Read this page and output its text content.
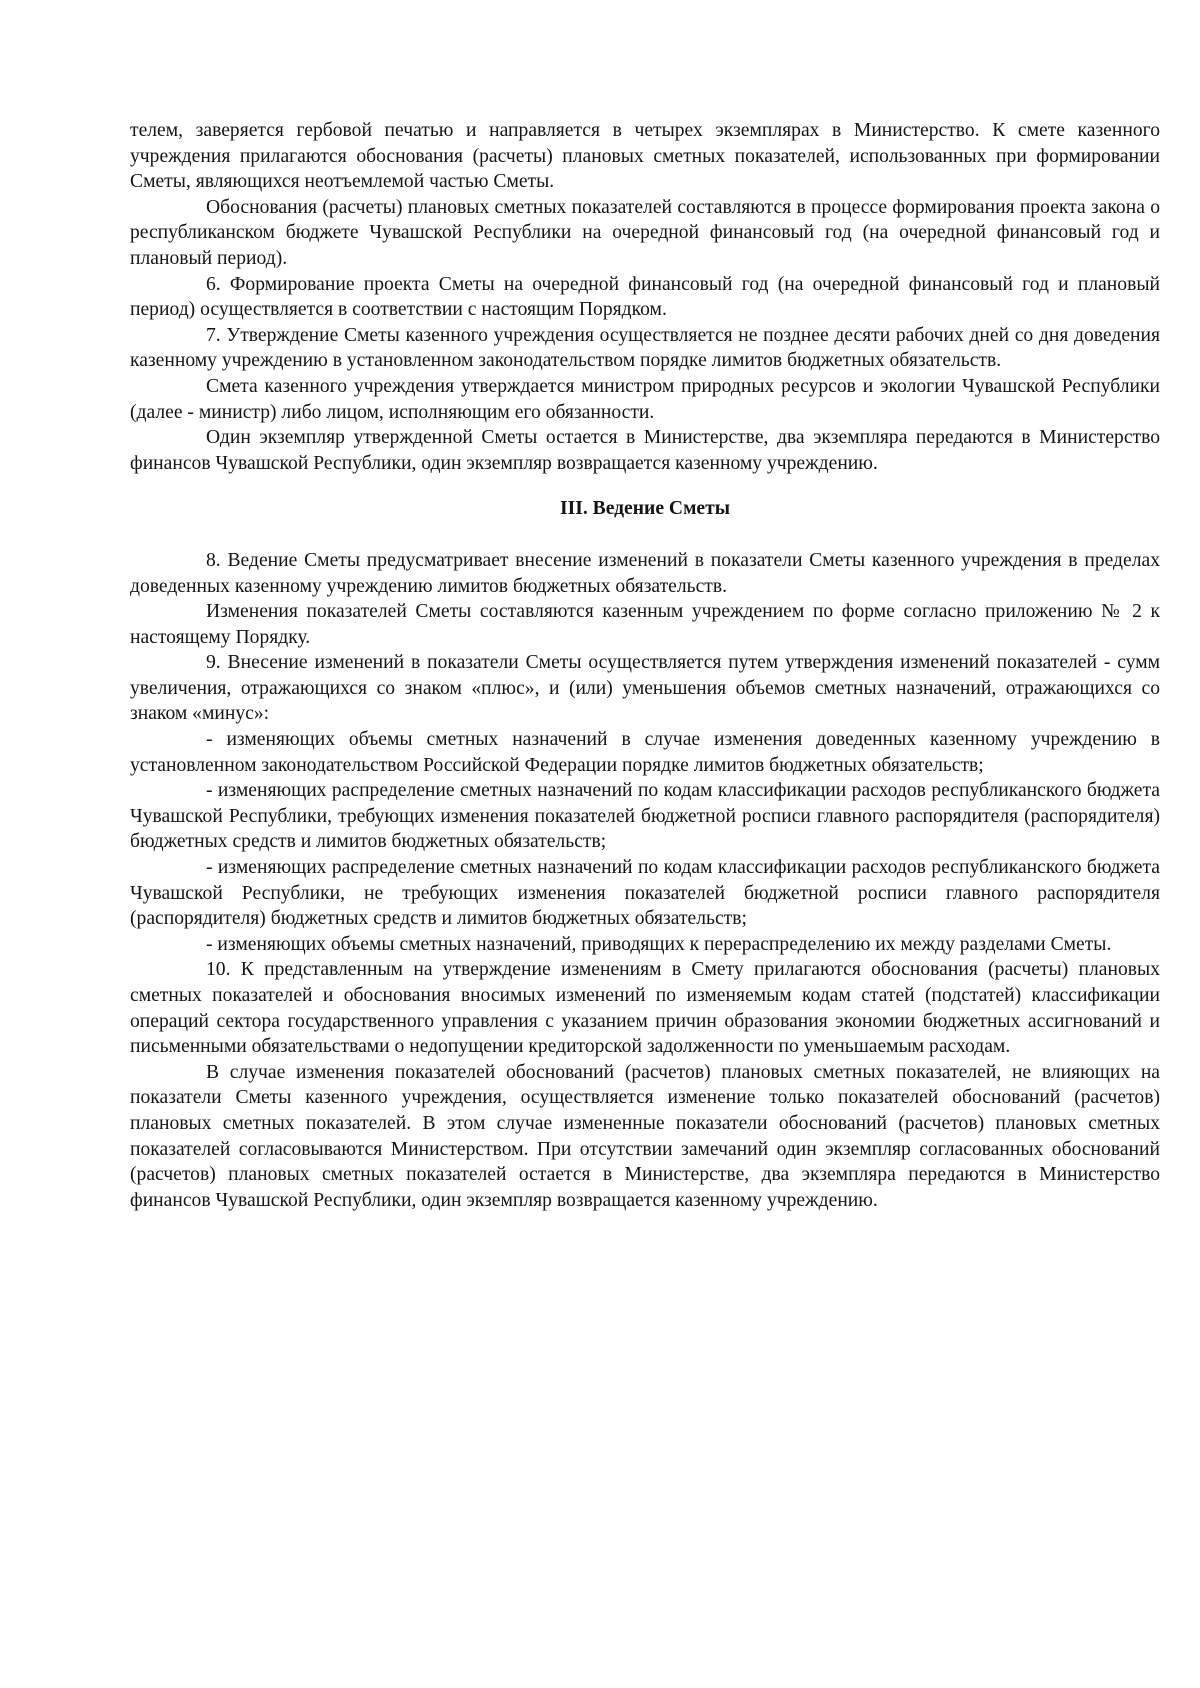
телем, заверяется гербовой печатью и направляется в четырех экземплярах в Министерство. К смете казенного учреждения прилагаются обоснования (расчеты) плановых сметных показателей, использованных при формировании Сметы, являющихся неотъемлемой частью Сметы.

Обоснования (расчеты) плановых сметных показателей составляются в процессе формирования проекта закона о республиканском бюджете Чувашской Республики на очередной финансовый год (на очередной финансовый год и плановый период).

6. Формирование проекта Сметы на очередной финансовый год (на очередной финансовый год и плановый период) осуществляется в соответствии с настоящим Порядком.

7. Утверждение Сметы казенного учреждения осуществляется не позднее десяти рабочих дней со дня доведения казенному учреждению в установленном законодательством порядке лимитов бюджетных обязательств.

Смета казенного учреждения утверждается министром природных ресурсов и экологии Чувашской Республики (далее - министр) либо лицом, исполняющим его обязанности.

Один экземпляр утвержденной Сметы остается в Министерстве, два экземпляра передаются в Министерство финансов Чувашской Республики, один экземпляр возвращается казенному учреждению.

III. Ведение Сметы

8. Ведение Сметы предусматривает внесение изменений в показатели Сметы казенного учреждения в пределах доведенных казенному учреждению лимитов бюджетных обязательств.

Изменения показателей Сметы составляются казенным учреждением по форме согласно приложению № 2 к настоящему Порядку.

9. Внесение изменений в показатели Сметы осуществляется путем утверждения изменений показателей - сумм увеличения, отражающихся со знаком «плюс», и (или) уменьшения объемов сметных назначений, отражающихся со знаком «минус»:

- изменяющих объемы сметных назначений в случае изменения доведенных казенному учреждению в установленном законодательством Российской Федерации порядке лимитов бюджетных обязательств;

- изменяющих распределение сметных назначений по кодам классификации расходов республиканского бюджета Чувашской Республики, требующих изменения показателей бюджетной росписи главного распорядителя (распорядителя) бюджетных средств и лимитов бюджетных обязательств;

- изменяющих распределение сметных назначений по кодам классификации расходов республиканского бюджета Чувашской Республики, не требующих изменения показателей бюджетной росписи главного распорядителя (распорядителя) бюджетных средств и лимитов бюджетных обязательств;

- изменяющих объемы сметных назначений, приводящих к перераспределению их между разделами Сметы.

10. К представленным на утверждение изменениям в Смету прилагаются обоснования (расчеты) плановых сметных показателей и обоснования вносимых изменений по изменяемым кодам статей (подстатей) классификации операций сектора государственного управления с указанием причин образования экономии бюджетных ассигнований и письменными обязательствами о недопущении кредиторской задолженности по уменьшаемым расходам.

В случае изменения показателей обоснований (расчетов) плановых сметных показателей, не влияющих на показатели Сметы казенного учреждения, осуществляется изменение только показателей обоснований (расчетов) плановых сметных показателей. В этом случае измененные показатели обоснований (расчетов) плановых сметных показателей согласовываются Министерством. При отсутствии замечаний один экземпляр согласованных обоснований (расчетов) плановых сметных показателей остается в Министерстве, два экземпляра передаются в Министерство финансов Чувашской Республики, один экземпляр возвращается казенному учреждению.
